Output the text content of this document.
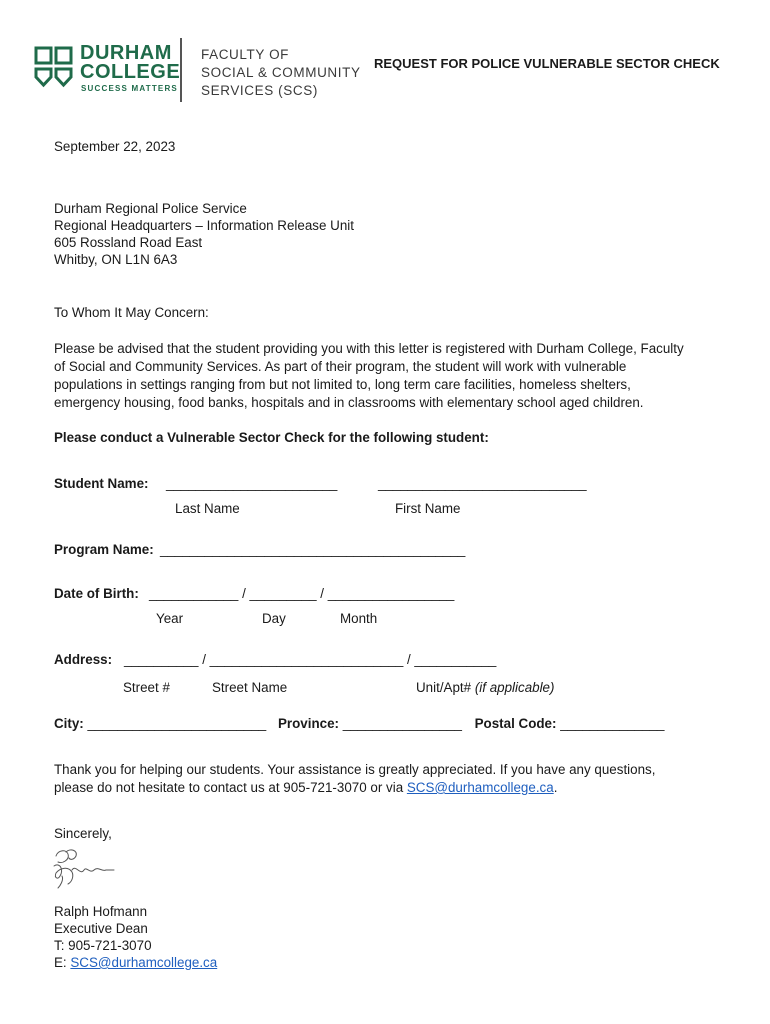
DURHAM
COLLEGE
SUCCESS MATTERS
FACULTY OF
SOCIAL & COMMUNITY
SERVICES (SCS)
REQUEST FOR POLICE VULNERABLE SECTOR CHECK
September 22, 2023
Durham Regional Police Service
Regional Headquarters – Information Release Unit
605 Rossland Road East
Whitby, ON L1N 6A3
To Whom It May Concern:
Please be advised that the student providing you with this letter is registered with Durham College, Faculty
of Social and Community Services. As part of their program, the student will work with vulnerable
populations in settings ranging from but not limited to, long term care facilities, homeless shelters,
emergency housing, food banks, hospitals and in classrooms with elementary school aged children.
Please conduct a Vulnerable Sector Check for the following student:
Student Name: _______________________	____________________________
Last Name	First Name
Program Name: _________________________________________
Date of Birth: ____________ / _________ / _________________
Year	Day	Month
Address: __________ / __________________________ / ___________
Street #	Street Name	Unit/Apt# (if applicable)
City: ________________________ Province: ________________ Postal Code: ______________
Thank you for helping our students. Your assistance is greatly appreciated. If you have any questions,
please do not hesitate to contact us at 905-721-3070 or via SCS@durhamcollege.ca.
Sincerely,
Ralph Hofmann
Executive Dean
T: 905-721-3070
E: SCS@durhamcollege.ca
